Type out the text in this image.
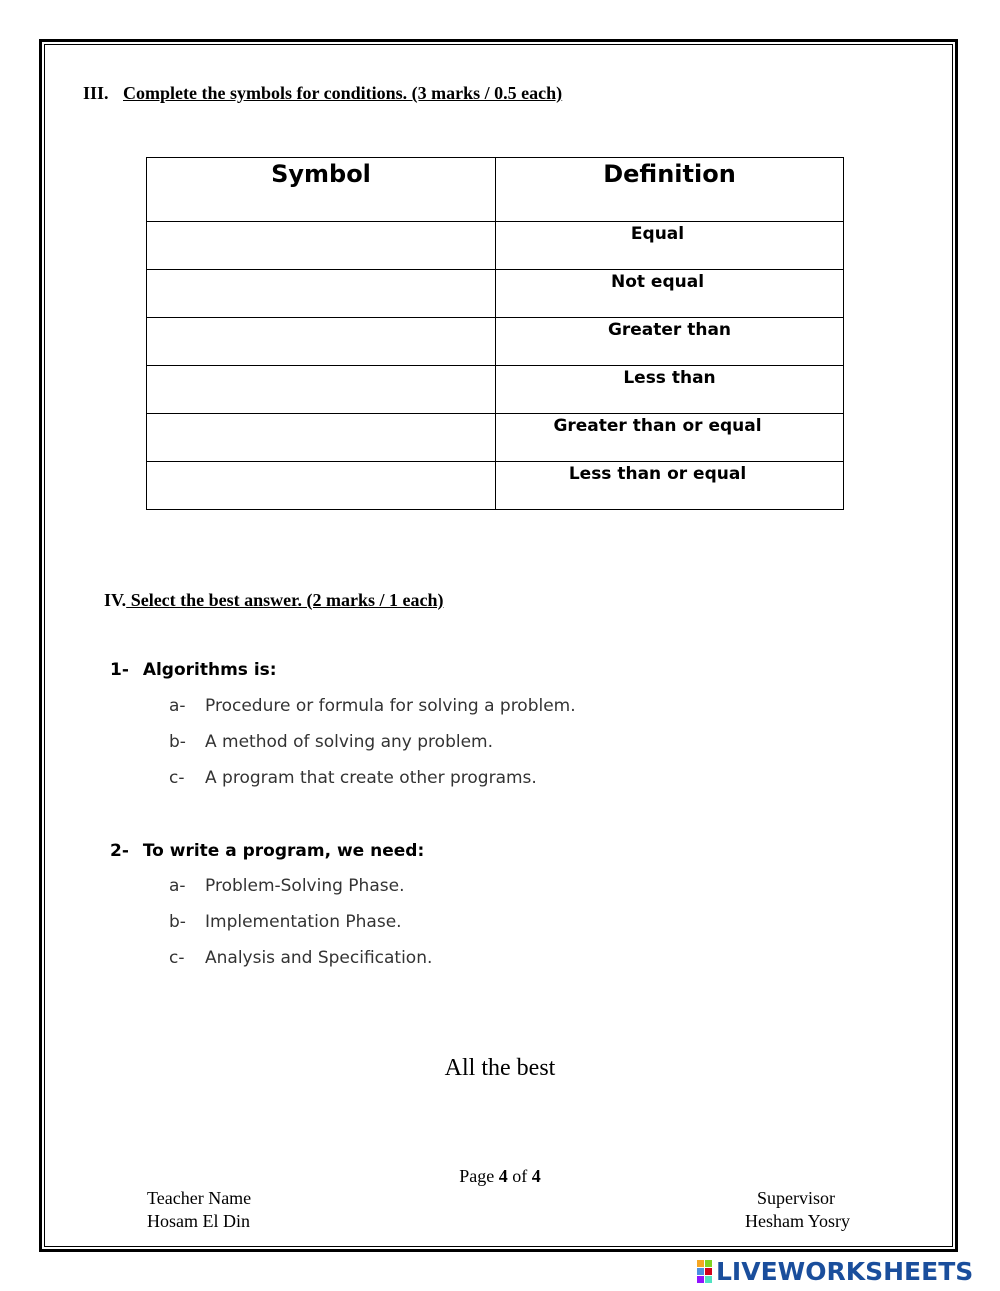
III. Complete the symbols for conditions. (3 marks / 0.5 each)
Symbol	Definition
	Equal
	Not equal
	Greater than
	Less than
	Greater than or equal
	Less than or equal
IV. Select the best answer. (2 marks / 1 each)
1- Algorithms is:
a- Procedure or formula for solving a problem.
b- A method of solving any problem.
c- A program that create other programs.
2- To write a program, we need:
a- Problem-Solving Phase.
b- Implementation Phase.
c- Analysis and Specification.
All the best
Page 4 of 4
Teacher Name
Hosam El Din
Supervisor
Hesham Yosry
LIVEWORKSHEETS
